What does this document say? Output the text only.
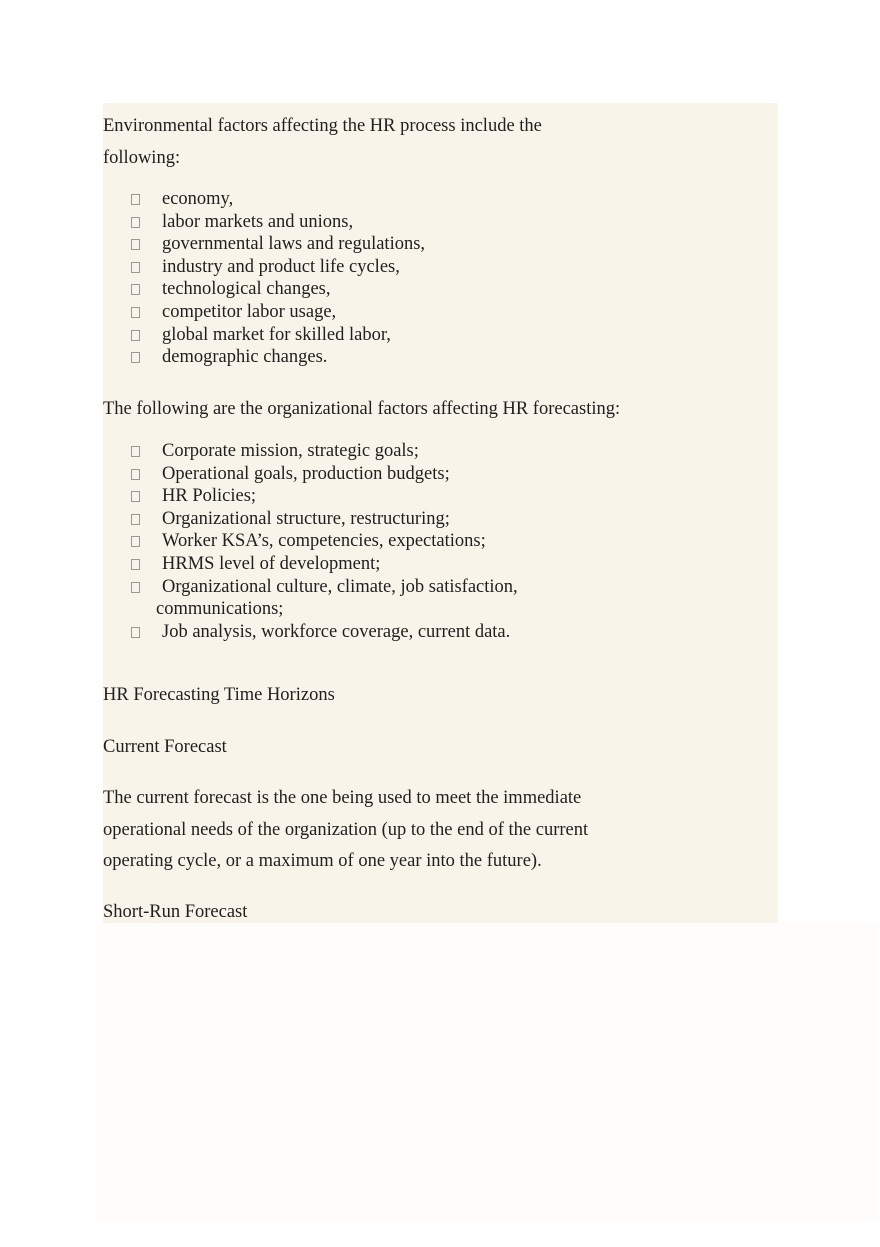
Environmental factors affecting the HR process include the
following:
economy,
labor markets and unions,
governmental laws and regulations,
industry and product life cycles,
technological changes,
competitor labor usage,
global market for skilled labor,
demographic changes.
The following are the organizational factors affecting HR forecasting:
Corporate mission, strategic goals;
Operational goals, production budgets;
HR Policies;
Organizational structure, restructuring;
Worker KSA’s, competencies, expectations;
HRMS level of development;
Organizational culture, climate, job satisfaction,
communications;
Job analysis, workforce coverage, current data.
HR Forecasting Time Horizons
Current Forecast
The current forecast is the one being used to meet the immediate
operational needs of the organization (up to the end of the current
operating cycle, or a maximum of one year into the future).
Short-Run Forecast
